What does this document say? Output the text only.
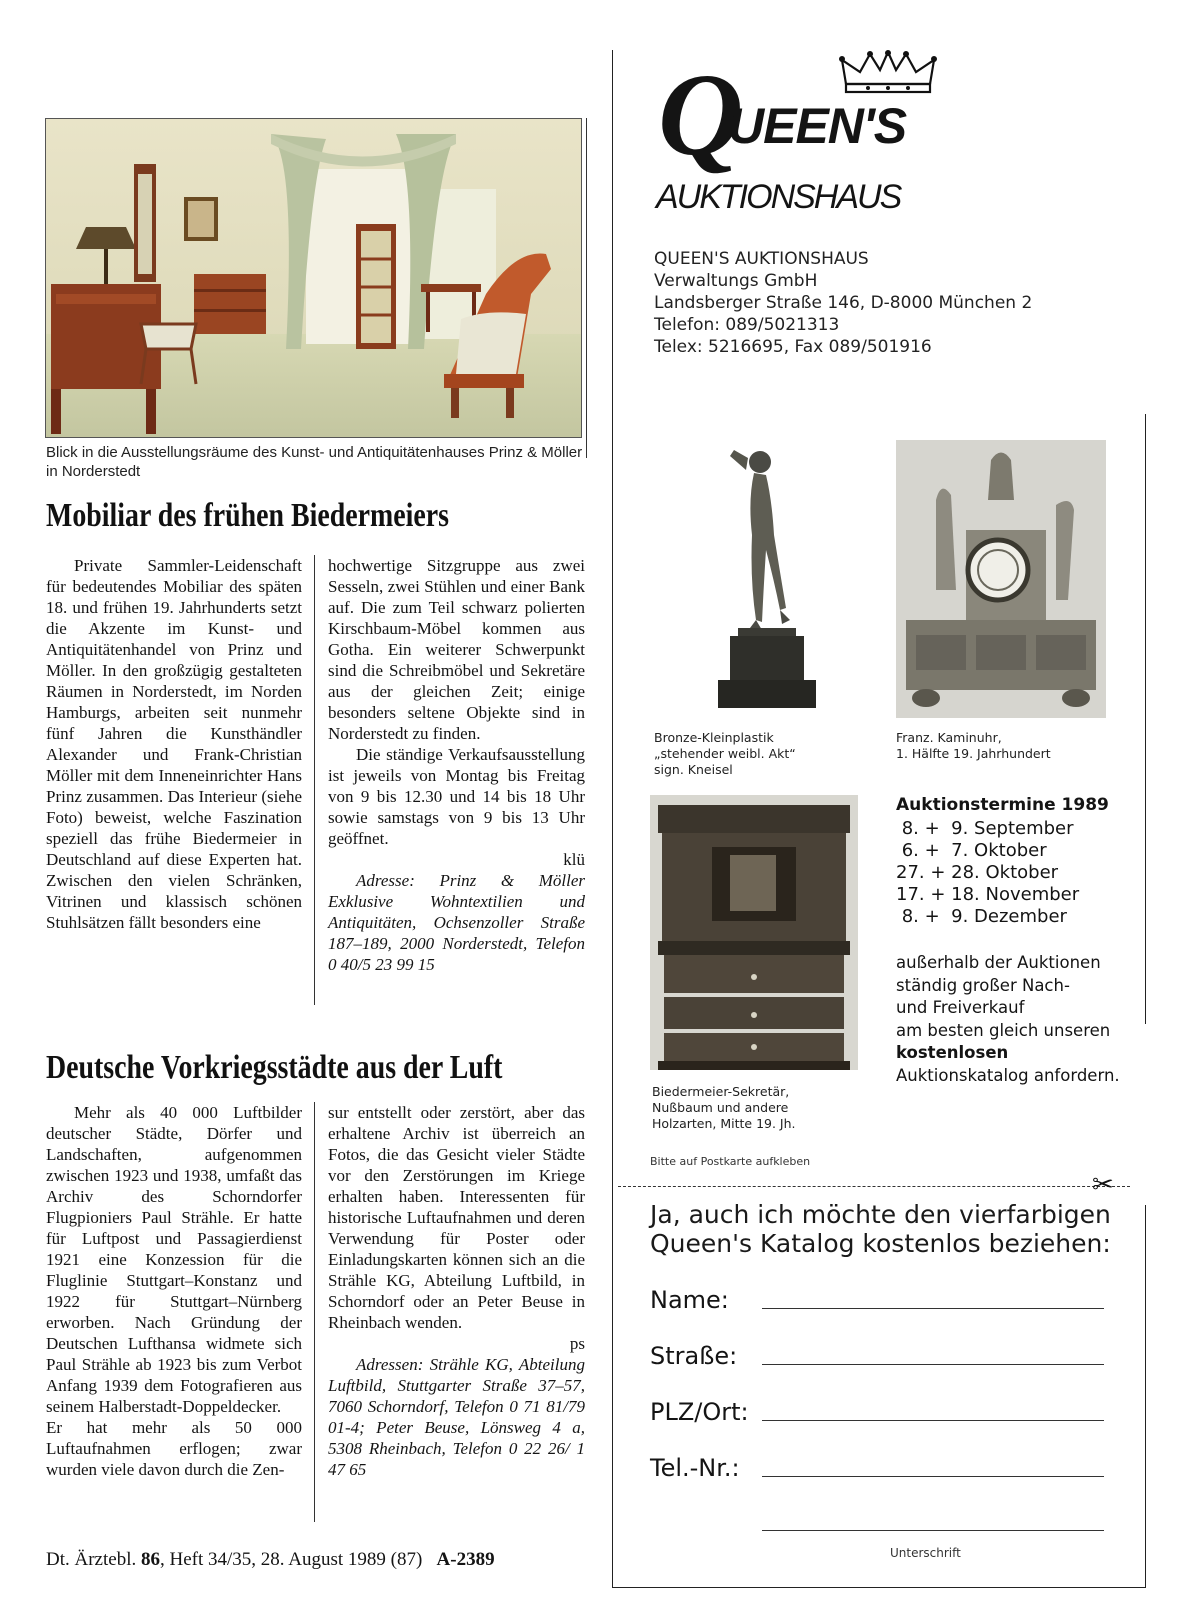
Blick in die Ausstellungsräume des Kunst- und Antiquitätenhauses Prinz & Möller in Norderstedt
Mobiliar des frühen Biedermeiers

Private Sammler-Leidenschaft für bedeutendes Mobiliar des späten 18. und frühen 19. Jahrhunderts setzt die Akzente im Kunst- und Antiquitätenhandel von Prinz und Möller. In den großzügig gestalteten Räumen in Norderstedt, im Norden Hamburgs, arbeiten seit nunmehr fünf Jahren die Kunsthändler Alexander und Frank-Christian Möller mit dem Inneneinrichter Hans Prinz zusammen. Das Interieur (siehe Foto) beweist, welche Faszination speziell das frühe Biedermeier in Deutschland auf diese Experten hat. Zwischen den vielen Schränken, Vitrinen und klassisch schönen Stuhlsätzen fällt besonders eine

hochwertige Sitzgruppe aus zwei Sesseln, zwei Stühlen und einer Bank auf. Die zum Teil schwarz polierten Kirschbaum-Möbel kommen aus Gotha. Ein weiterer Schwerpunkt sind die Schreibmöbel und Sekretäre aus der gleichen Zeit; einige besonders seltene Objekte sind in Norderstedt zu finden.

Die ständige Verkaufsausstellung ist jeweils von Montag bis Freitag von 9 bis 12.30 und 14 bis 18 Uhr sowie samstags von 9 bis 13 Uhr geöffnet.

klü

Adresse: Prinz & Möller Exklusive Wohntextilien und Antiquitäten, Ochsenzoller Straße 187–189, 2000 Norderstedt, Telefon 0 40/5 23 99 15

Deutsche Vorkriegsstädte aus der Luft

Mehr als 40 000 Luftbilder deutscher Städte, Dörfer und Landschaften, aufgenommen zwischen 1923 und 1938, umfaßt das Archiv des Schorndorfer Flugpioniers Paul Strähle. Er hatte für Luftpost und Passagierdienst 1921 eine Konzession für die Fluglinie Stuttgart–Konstanz und 1922 für Stuttgart–Nürnberg erworben. Nach Gründung der Deutschen Lufthansa widmete sich Paul Strähle ab 1923 bis zum Verbot Anfang 1939 dem Fotografieren aus seinem Halberstadt-Doppeldecker.

Er hat mehr als 50 000 Luftaufnahmen erflogen; zwar wurden viele davon durch die Zen-

sur entstellt oder zerstört, aber das erhaltene Archiv ist überreich an Fotos, die das Gesicht vieler Städte vor den Zerstörungen im Kriege erhalten haben. Interessenten für historische Luftaufnahmen und deren Verwendung für Poster oder Einladungskarten können sich an die Strähle KG, Abteilung Luftbild, in Schorndorf oder an Peter Beuse in Rheinbach wenden.

ps

Adressen: Strähle KG, Abteilung Luftbild, Stuttgarter Straße 37–57, 7060 Schorndorf, Telefon 0 71 81/79 01-4; Peter Beuse, Lönsweg 4 a, 5308 Rheinbach, Telefon 0 22 26/ 1 47 65

Dt. Ärztebl. 86, Heft 34/35, 28. August 1989 (87) A-2389
Q
UEEN'S
AUKTIONSHAUS
QUEEN'S AUKTIONSHAUS
Verwaltungs GmbH
Landsberger Straße 146, D-8000 München 2
Telefon: 089/5021313
Telex: 5216695, Fax 089/501916
Bronze-Kleinplastik
„stehender weibl. Akt“
sign. Kneisel
Franz. Kaminuhr,
1. Hälfte 19. Jahrhundert
Biedermeier-Sekretär,
Nußbaum und andere
Holzarten, Mitte 19. Jh.
Auktionstermine 1989
8. +  9. September
6. +  7. Oktober
27. + 28. Oktober
17. + 18. November
8. +  9. Dezember
außerhalb der Auktionen
ständig großer Nach-
und Freiverkauf
am besten gleich unseren
kostenlosen
Auktionskatalog anfordern.
Bitte auf Postkarte aufkleben
✂
Ja, auch ich möchte den vierfarbigen
Queen's Katalog kostenlos beziehen:
Name:
Straße:
PLZ/Ort:
Tel.-Nr.:
Unterschrift
